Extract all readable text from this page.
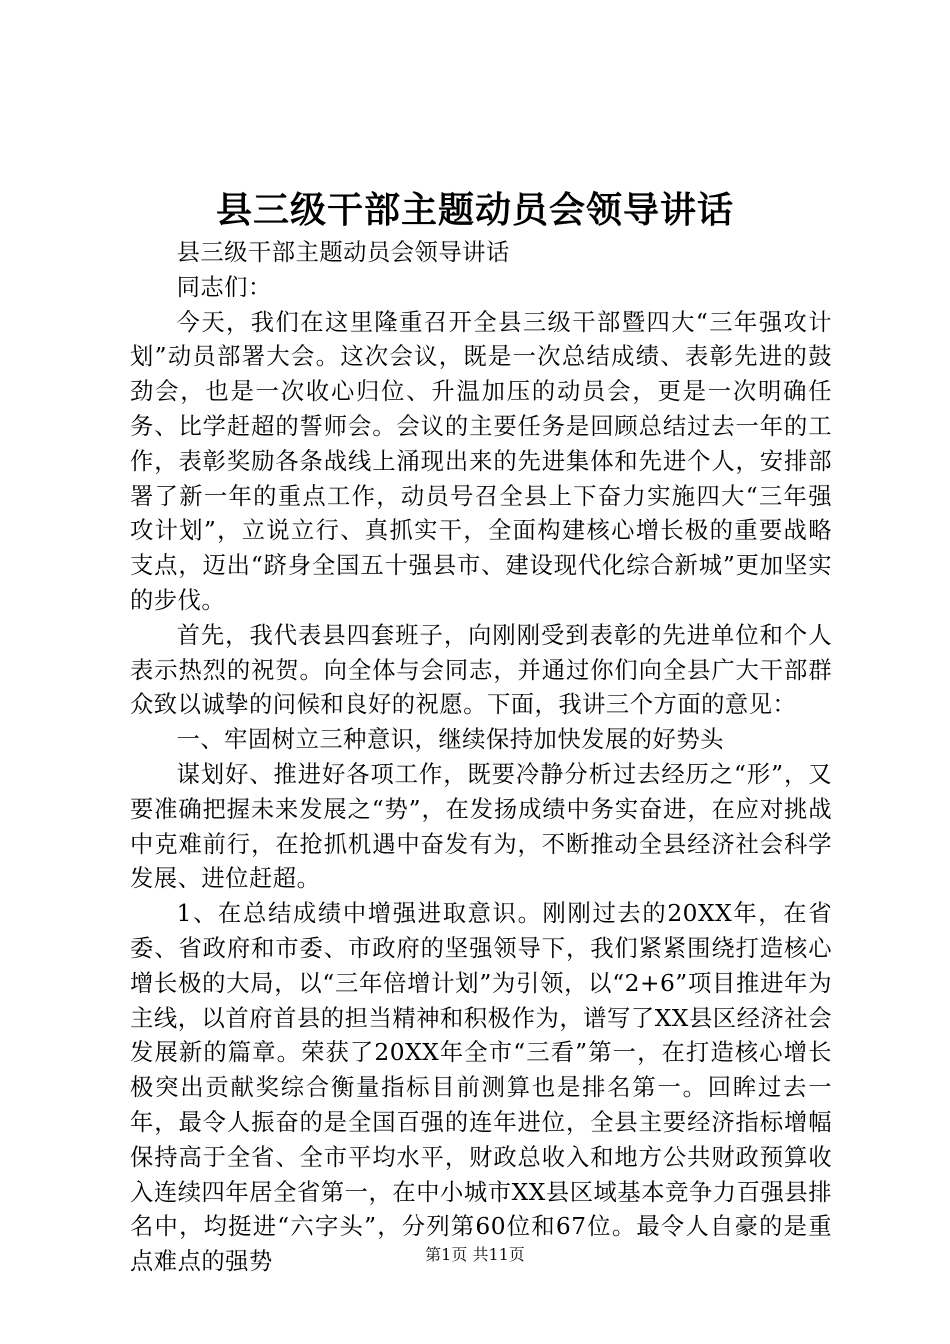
县三级干部主题动员会领导讲话

县三级干部主题动员会领导讲话

同志们：

今天，我们在这里隆重召开全县三级干部暨四大“三年强攻计划”动员部署大会。这次会议，既是一次总结成绩、表彰先进的鼓劲会，也是一次收心归位、升温加压的动员会，更是一次明确任务、比学赶超的誓师会。会议的主要任务是回顾总结过去一年的工作，表彰奖励各条战线上涌现出来的先进集体和先进个人，安排部署了新一年的重点工作，动员号召全县上下奋力实施四大“三年强攻计划”，立说立行、真抓实干，全面构建核心增长极的重要战略支点，迈出“跻身全国五十强县市、建设现代化综合新城”更加坚实的步伐。

首先，我代表县四套班子，向刚刚受到表彰的先进单位和个人表示热烈的祝贺。向全体与会同志，并通过你们向全县广大干部群众致以诚挚的问候和良好的祝愿。下面，我讲三个方面的意见：

一、牢固树立三种意识，继续保持加快发展的好势头

谋划好、推进好各项工作，既要冷静分析过去经历之“形”，又要准确把握未来发展之“势”，在发扬成绩中务实奋进，在应对挑战中克难前行，在抢抓机遇中奋发有为，不断推动全县经济社会科学发展、进位赶超。

1、在总结成绩中增强进取意识。刚刚过去的20XX年，在省委、省政府和市委、市政府的坚强领导下，我们紧紧围绕打造核心增长极的大局，以“三年倍增计划”为引领，以“2+6”项目推进年为主线，以首府首县的担当精神和积极作为，谱写了XX县区经济社会发展新的篇章。荣获了20XX年全市“三看”第一，在打造核心增长极突出贡献奖综合衡量指标目前测算也是排名第一。回眸过去一年，最令人振奋的是全国百强的连年进位，全县主要经济指标增幅保持高于全省、全市平均水平，财政总收入和地方公共财政预算收入连续四年居全省第一，在中小城市XX县区域基本竞争力百强县排名中，均挺进“六字头”，分列第60位和67位。最令人自豪的是重点难点的强势	第1页 共11页
